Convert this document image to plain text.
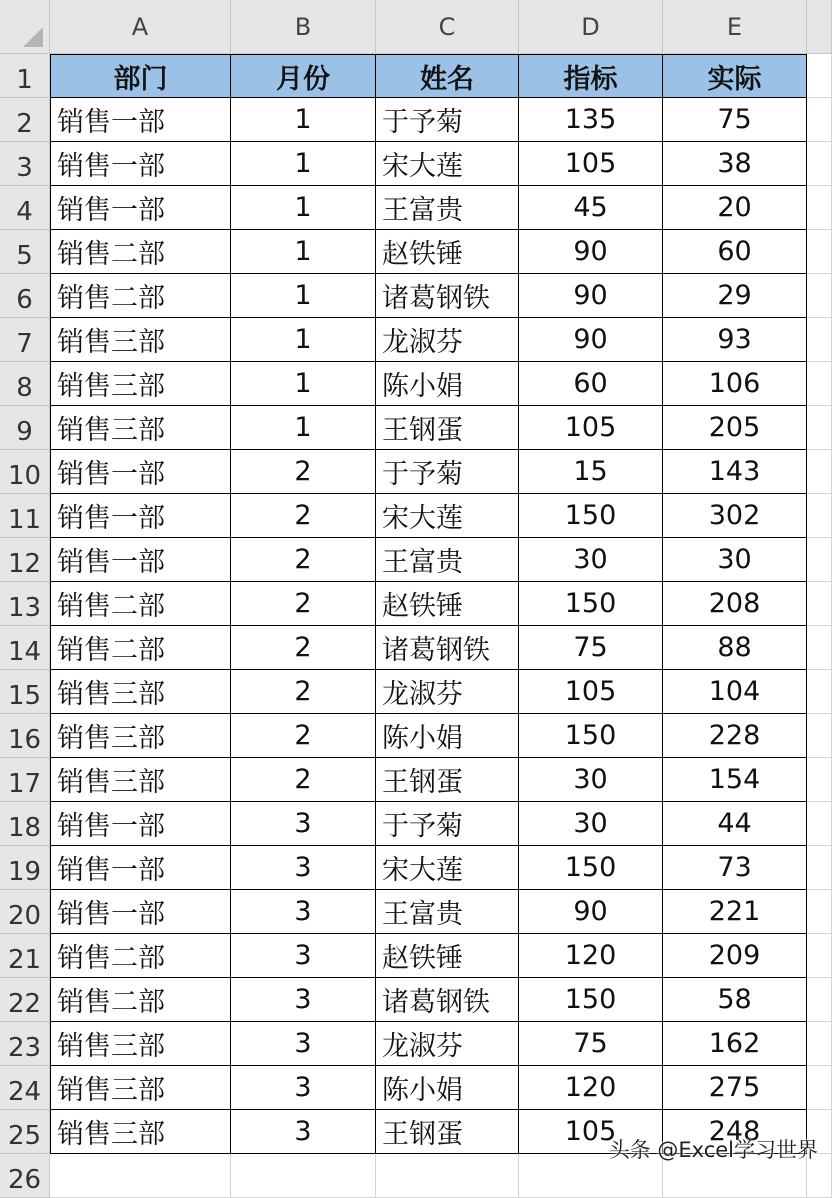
A	B	C	D	E
1
2
3
4
5
6
7
8
9
10
11
12
13
14
15
16
17
18
19
20
21
22
23
24
25
26
部门	月份	姓名	指标	实际
销售一部	1	于予菊	135	75
销售一部	1	宋大莲	105	38
销售一部	1	王富贵	45	20
销售二部	1	赵铁锤	90	60
销售二部	1	诸葛钢铁	90	29
销售三部	1	龙淑芬	90	93
销售三部	1	陈小娟	60	106
销售三部	1	王钢蛋	105	205
销售一部	2	于予菊	15	143
销售一部	2	宋大莲	150	302
销售一部	2	王富贵	30	30
销售二部	2	赵铁锤	150	208
销售二部	2	诸葛钢铁	75	88
销售三部	2	龙淑芬	105	104
销售三部	2	陈小娟	150	228
销售三部	2	王钢蛋	30	154
销售一部	3	于予菊	30	44
销售一部	3	宋大莲	150	73
销售一部	3	王富贵	90	221
销售二部	3	赵铁锤	120	209
销售二部	3	诸葛钢铁	150	58
销售三部	3	龙淑芬	75	162
销售三部	3	陈小娟	120	275
销售三部	3	王钢蛋	105	248
头条 @Excel学习世界
